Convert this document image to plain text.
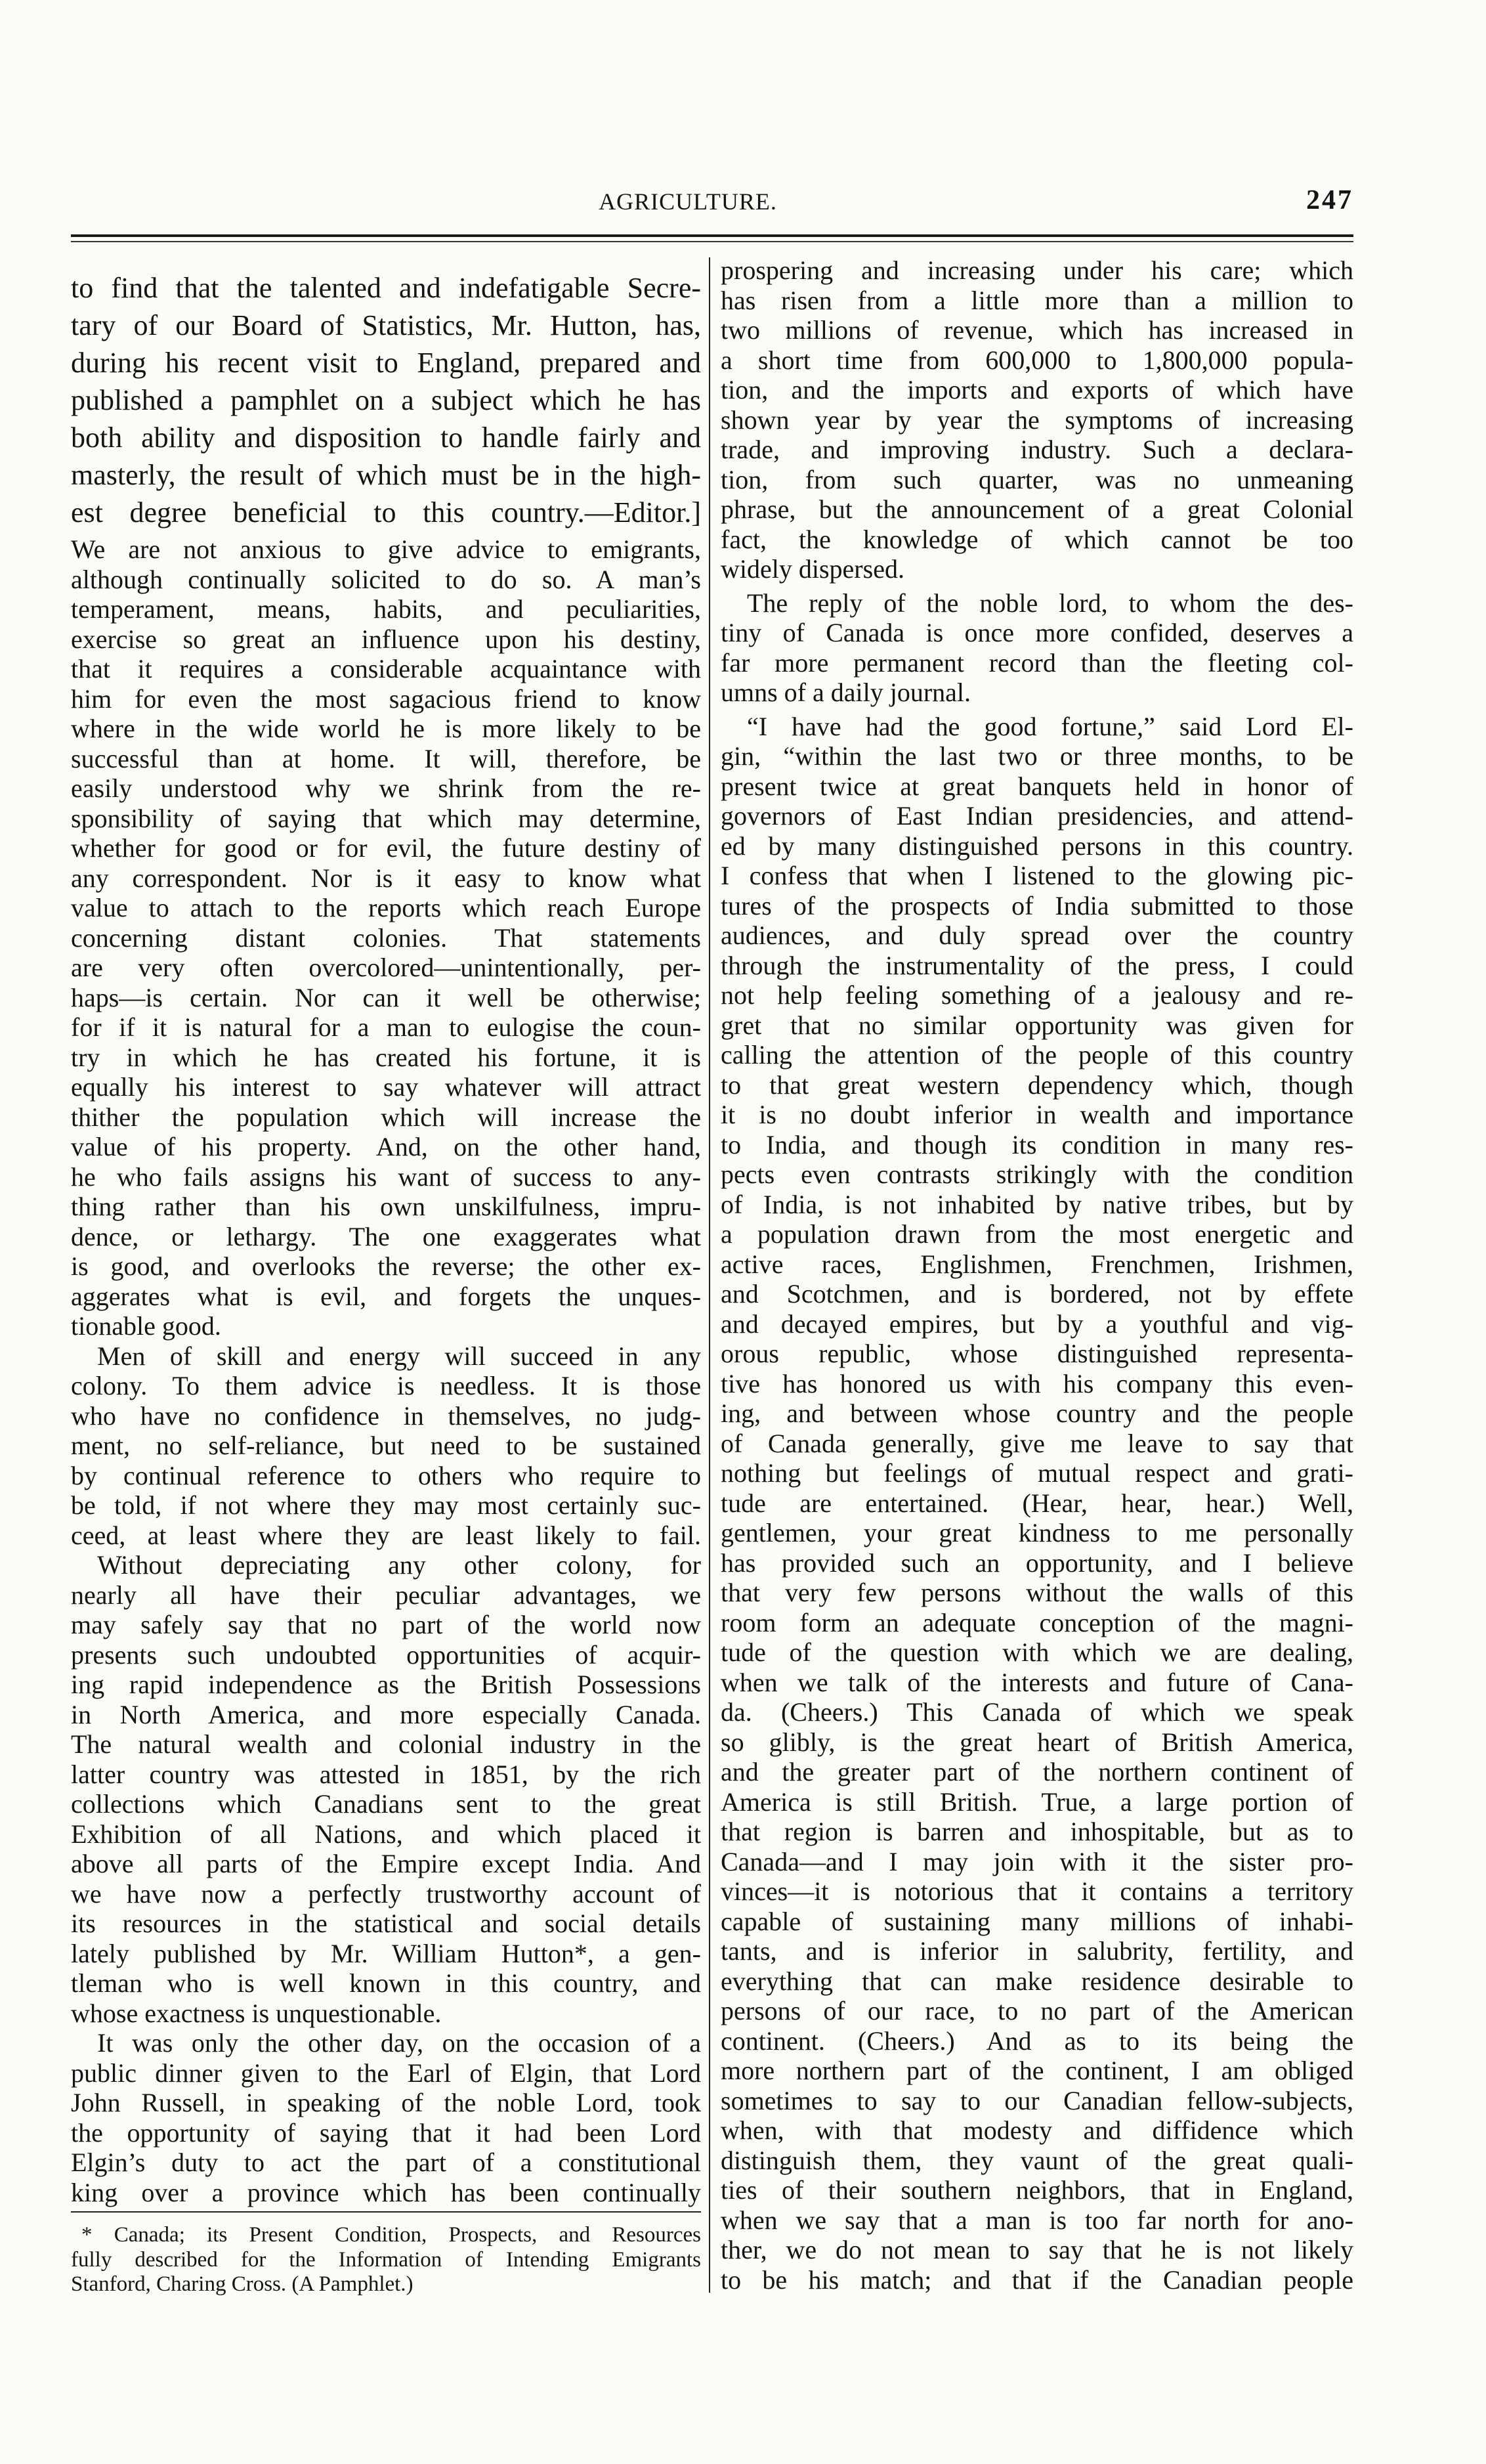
AGRICULTURE.	247
to find that the talented and indefatigable Secre-
tary of our Board of Statistics, Mr. Hutton, has,
during his recent visit to England, prepared and
published a pamphlet on a subject which he has
both ability and disposition to handle fairly and
masterly, the result of which must be in the high-
est degree beneficial to this country.—Editor.]
We are not anxious to give advice to emigrants,
although continually solicited to do so. A man’s
temperament, means, habits, and peculiarities,
exercise so great an influence upon his destiny,
that it requires a considerable acquaintance with
him for even the most sagacious friend to know
where in the wide world he is more likely to be
successful than at home. It will, therefore, be
easily understood why we shrink from the re-
sponsibility of saying that which may determine,
whether for good or for evil, the future destiny of
any correspondent. Nor is it easy to know what
value to attach to the reports which reach Europe
concerning distant colonies. That statements
are very often overcolored—unintentionally, per-
haps—is certain. Nor can it well be otherwise;
for if it is natural for a man to eulogise the coun-
try in which he has created his fortune, it is
equally his interest to say whatever will attract
thither the population which will increase the
value of his property. And, on the other hand,
he who fails assigns his want of success to any-
thing rather than his own unskilfulness, impru-
dence, or lethargy. The one exaggerates what
is good, and overlooks the reverse; the other ex-
aggerates what is evil, and forgets the unques-
tionable good.
Men of skill and energy will succeed in any
colony. To them advice is needless. It is those
who have no confidence in themselves, no judg-
ment, no self-reliance, but need to be sustained
by continual reference to others who require to
be told, if not where they may most certainly suc-
ceed, at least where they are least likely to fail.
Without depreciating any other colony, for
nearly all have their peculiar advantages, we
may safely say that no part of the world now
presents such undoubted opportunities of acquir-
ing rapid independence as the British Possessions
in North America, and more especially Canada.
The natural wealth and colonial industry in the
latter country was attested in 1851, by the rich
collections which Canadians sent to the great
Exhibition of all Nations, and which placed it
above all parts of the Empire except India. And
we have now a perfectly trustworthy account of
its resources in the statistical and social details
lately published by Mr. William Hutton*, a gen-
tleman who is well known in this country, and
whose exactness is unquestionable.
It was only the other day, on the occasion of a
public dinner given to the Earl of Elgin, that Lord
John Russell, in speaking of the noble Lord, took
the opportunity of saying that it had been Lord
Elgin’s duty to act the part of a constitutional
king over a province which has been continually
* Canada; its Present Condition, Prospects, and Resources
fully described for the Information of Intending Emigrants
Stanford, Charing Cross. (A Pamphlet.)
prospering and increasing under his care; which
has risen from a little more than a million to
two millions of revenue, which has increased in
a short time from 600,000 to 1,800,000 popula-
tion, and the imports and exports of which have
shown year by year the symptoms of increasing
trade, and improving industry. Such a declara-
tion, from such quarter, was no unmeaning
phrase, but the announcement of a great Colonial
fact, the knowledge of which cannot be too
widely dispersed.
The reply of the noble lord, to whom the des-
tiny of Canada is once more confided, deserves a
far more permanent record than the fleeting col-
umns of a daily journal.
“I have had the good fortune,” said Lord El-
gin, “within the last two or three months, to be
present twice at great banquets held in honor of
governors of East Indian presidencies, and attend-
ed by many distinguished persons in this country.
I confess that when I listened to the glowing pic-
tures of the prospects of India submitted to those
audiences, and duly spread over the country
through the instrumentality of the press, I could
not help feeling something of a jealousy and re-
gret that no similar opportunity was given for
calling the attention of the people of this country
to that great western dependency which, though
it is no doubt inferior in wealth and importance
to India, and though its condition in many res-
pects even contrasts strikingly with the condition
of India, is not inhabited by native tribes, but by
a population drawn from the most energetic and
active races, Englishmen, Frenchmen, Irishmen,
and Scotchmen, and is bordered, not by effete
and decayed empires, but by a youthful and vig-
orous republic, whose distinguished representa-
tive has honored us with his company this even-
ing, and between whose country and the people
of Canada generally, give me leave to say that
nothing but feelings of mutual respect and grati-
tude are entertained. (Hear, hear, hear.) Well,
gentlemen, your great kindness to me personally
has provided such an opportunity, and I believe
that very few persons without the walls of this
room form an adequate conception of the magni-
tude of the question with which we are dealing,
when we talk of the interests and future of Cana-
da. (Cheers.) This Canada of which we speak
so glibly, is the great heart of British America,
and the greater part of the northern continent of
America is still British. True, a large portion of
that region is barren and inhospitable, but as to
Canada—and I may join with it the sister pro-
vinces—it is notorious that it contains a territory
capable of sustaining many millions of inhabi-
tants, and is inferior in salubrity, fertility, and
everything that can make residence desirable to
persons of our race, to no part of the American
continent. (Cheers.) And as to its being the
more northern part of the continent, I am obliged
sometimes to say to our Canadian fellow-subjects,
when, with that modesty and diffidence which
distinguish them, they vaunt of the great quali-
ties of their southern neighbors, that in England,
when we say that a man is too far north for ano-
ther, we do not mean to say that he is not likely
to be his match; and that if the Canadian people
